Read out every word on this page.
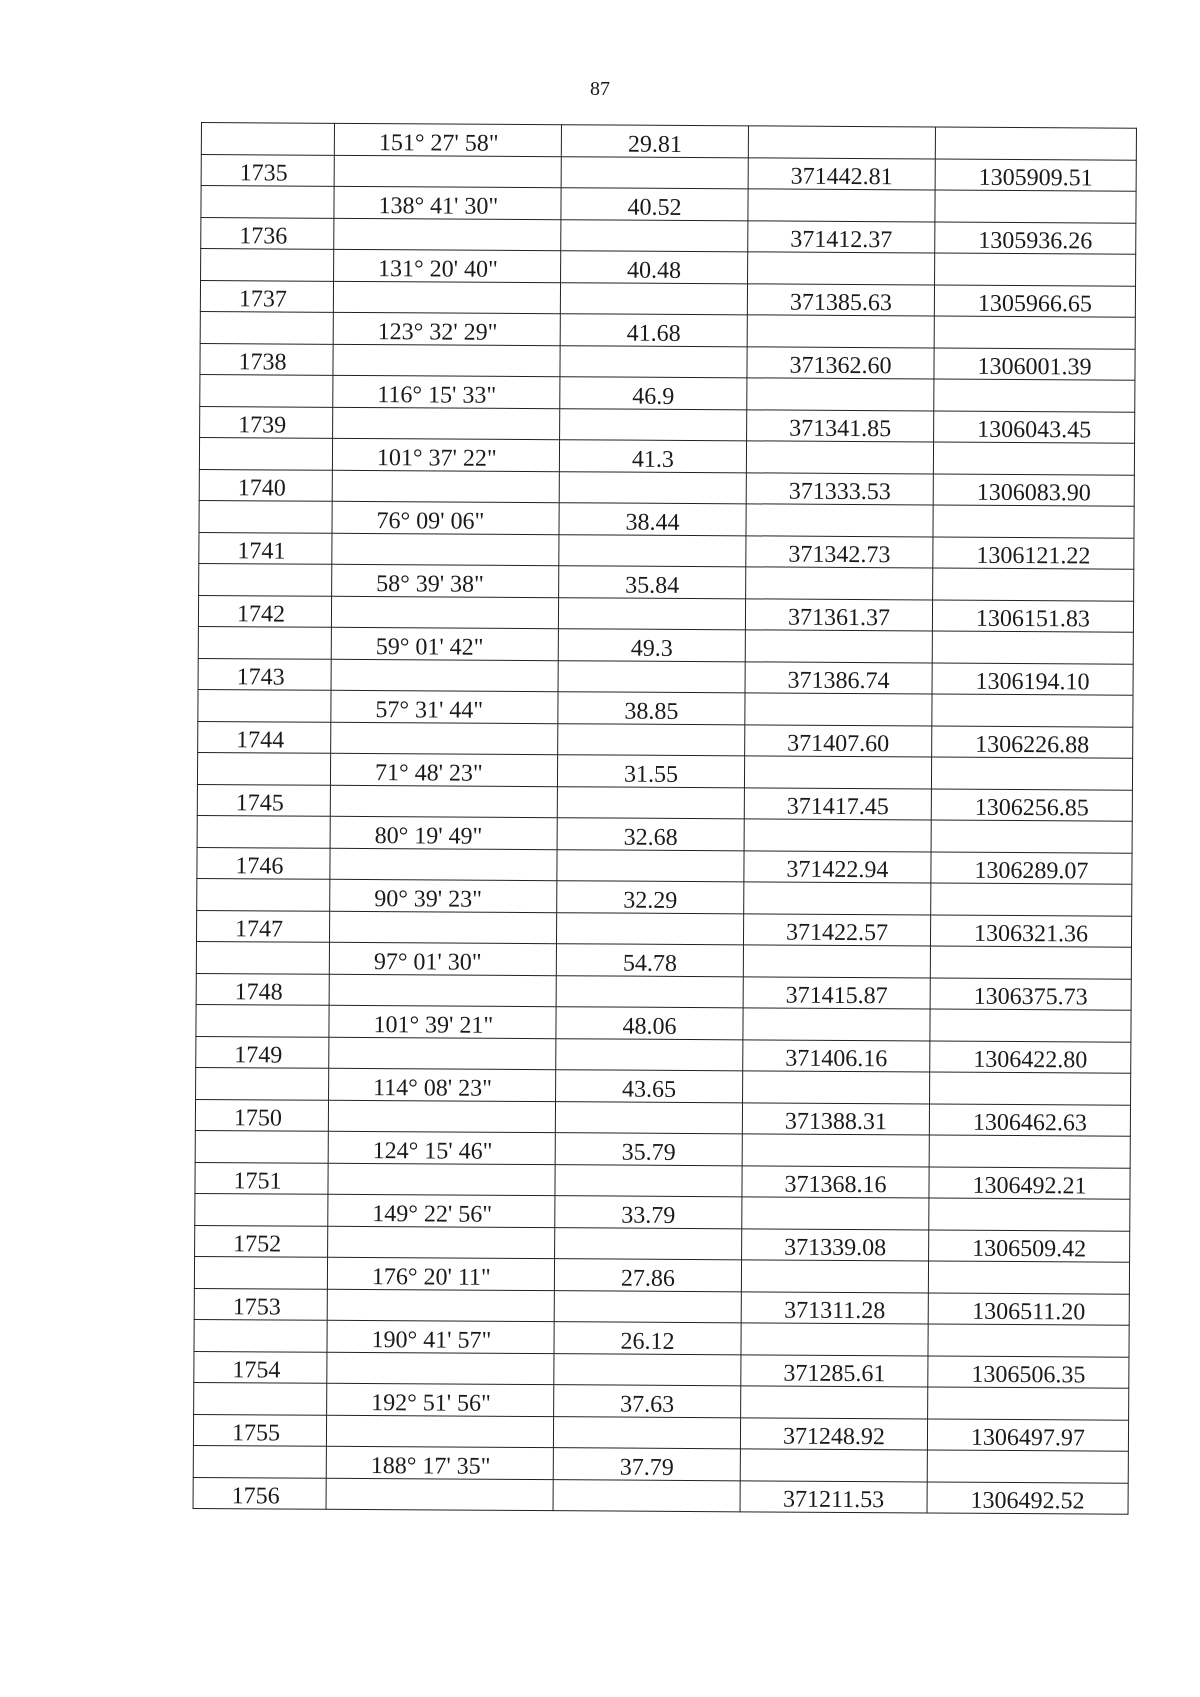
87
	151° 27' 58"	29.81		
1735			371442.81	1305909.51
	138° 41' 30"	40.52		
1736			371412.37	1305936.26
	131° 20' 40"	40.48		
1737			371385.63	1305966.65
	123° 32' 29"	41.68		
1738			371362.60	1306001.39
	116° 15' 33"	46.9		
1739			371341.85	1306043.45
	101° 37' 22"	41.3		
1740			371333.53	1306083.90
	76° 09' 06"	38.44		
1741			371342.73	1306121.22
	58° 39' 38"	35.84		
1742			371361.37	1306151.83
	59° 01' 42"	49.3		
1743			371386.74	1306194.10
	57° 31' 44"	38.85		
1744			371407.60	1306226.88
	71° 48' 23"	31.55		
1745			371417.45	1306256.85
	80° 19' 49"	32.68		
1746			371422.94	1306289.07
	90° 39' 23"	32.29		
1747			371422.57	1306321.36
	97° 01' 30"	54.78		
1748			371415.87	1306375.73
	101° 39' 21"	48.06		
1749			371406.16	1306422.80
	114° 08' 23"	43.65		
1750			371388.31	1306462.63
	124° 15' 46"	35.79		
1751			371368.16	1306492.21
	149° 22' 56"	33.79		
1752			371339.08	1306509.42
	176° 20' 11"	27.86		
1753			371311.28	1306511.20
	190° 41' 57"	26.12		
1754			371285.61	1306506.35
	192° 51' 56"	37.63		
1755			371248.92	1306497.97
	188° 17' 35"	37.79		
1756			371211.53	1306492.52
